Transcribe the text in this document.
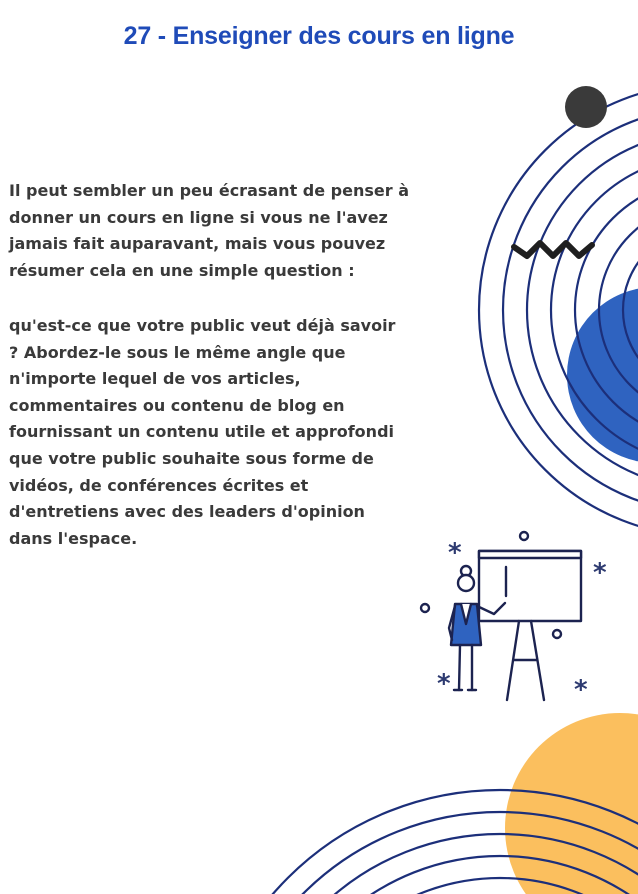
27 - Enseigner des cours en ligne

Il peut sembler un peu écrasant de penser à
donner un cours en ligne si vous ne l'avez
jamais fait auparavant, mais vous pouvez
résumer cela en une simple question :

qu'est-ce que votre public veut déjà savoir
? Abordez-le sous le même angle que
n'importe lequel de vos articles,
commentaires ou contenu de blog en
fournissant un contenu utile et approfondi
que votre public souhaite sous forme de
vidéos, de conférences écrites et
d'entretiens avec des leaders d'opinion
dans l'espace.	*
*
*	*
